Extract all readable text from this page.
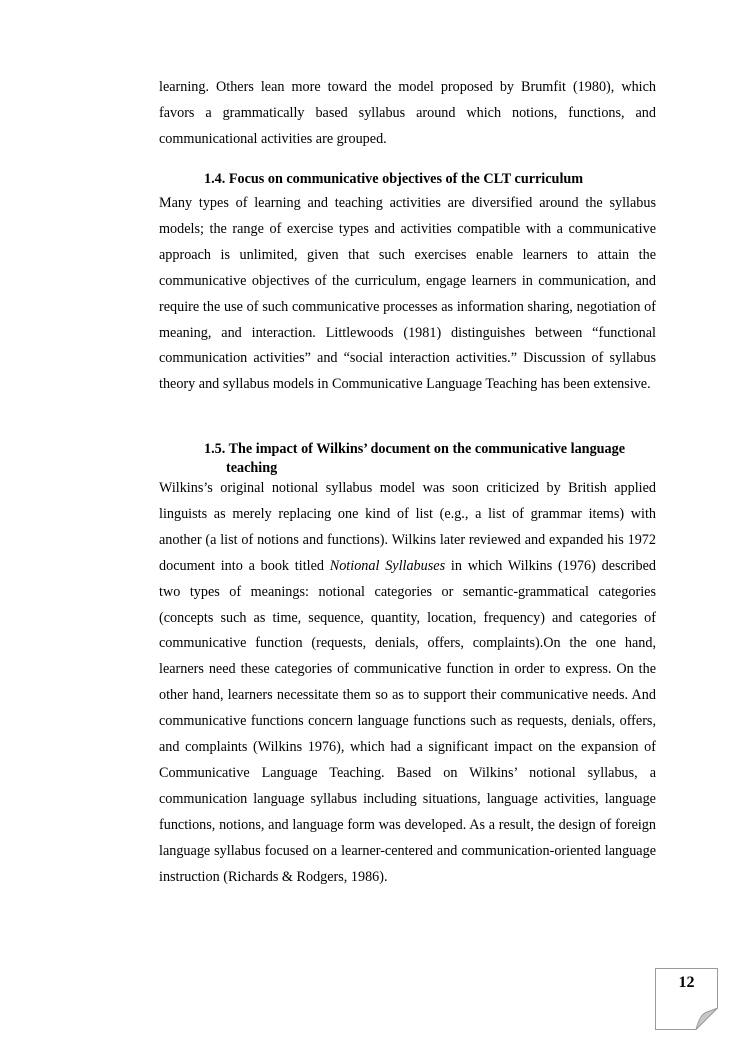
learning. Others lean more toward the model proposed by Brumfit (1980), which favors a grammatically based syllabus around which notions, functions, and communicational activities are grouped.

1.4. Focus on communicative objectives of the CLT curriculum

Many types of learning and teaching activities are diversified around the syllabus models; the range of exercise types and activities compatible with a communicative approach is unlimited, given that such exercises enable learners to attain the communicative objectives of the curriculum, engage learners in communication, and require the use of such communicative processes as information sharing, negotiation of meaning, and interaction. Littlewoods (1981) distinguishes between “functional communication activities” and “social interaction activities.” Discussion of syllabus theory and syllabus models in Communicative Language Teaching has been extensive.

1.5. The impact of Wilkins’ document on the communicative language
teaching

Wilkins’s original notional syllabus model was soon criticized by British applied linguists as merely replacing one kind of list (e.g., a list of grammar items) with another (a list of notions and functions). Wilkins later reviewed and expanded his 1972 document into a book titled Notional Syllabuses in which Wilkins (1976) described two types of meanings: notional categories or semantic-grammatical categories (concepts such as time, sequence, quantity, location, frequency) and categories of communicative function (requests, denials, offers, complaints).On the one hand, learners need these categories of communicative function in order to express. On the other hand, learners necessitate them so as to support their communicative needs. And communicative functions concern language functions such as requests, denials, offers, and complaints (Wilkins 1976), which had a significant impact on the expansion of Communicative Language Teaching. Based on Wilkins’ notional syllabus, a communication language syllabus including situations, language activities, language functions, notions, and language form was developed. As a result, the design of foreign language syllabus focused on a learner-centered and communication-oriented language instruction (Richards & Rodgers, 1986).

12
